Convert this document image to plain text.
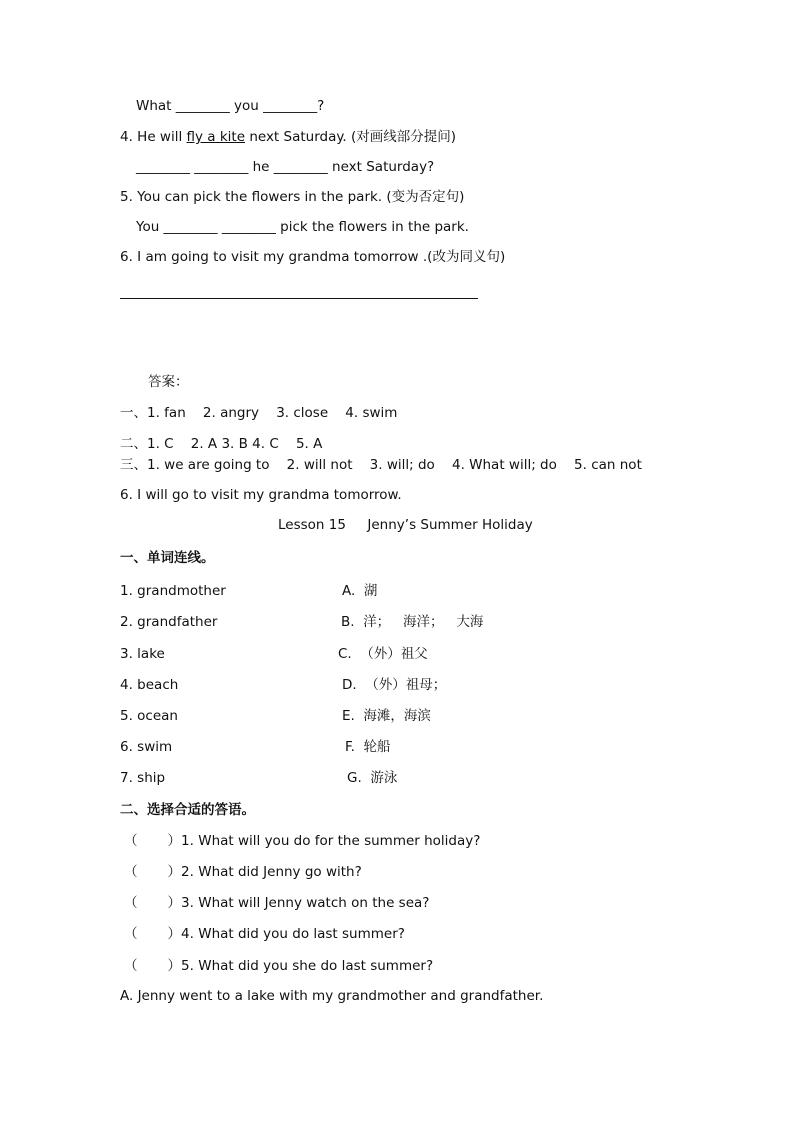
What ________ you ________?
4. He will fly a kite next Saturday. (对画线部分提问)
________ ________ he ________ next Saturday?
5. You can pick the flowers in the park. (变为否定句)
You ________ ________ pick the flowers in the park.
6. I am going to visit my grandma tomorrow .(改为同义句)
答案：
一、1. fan    2. angry    3. close    4. swim
二、1. C    2. A 3. B 4. C    5. A
三、1. we are going to    2. will not    3. will; do    4. What will; do    5. can not
6. I will go to visit my grandma tomorrow.
Lesson 15     Jenny’s Summer Holiday
一、单词连线。
1. grandmother
2. grandfather
3. lake
4. beach
5. ocean
6. swim
7. ship
A.  湖
B.  洋；   海洋；   大海
C.  （外）祖父
D.  （外）祖母；
E.  海滩，海滨
F.  轮船
G.  游泳
二、选择合适的答语。
（       ）1. What will you do for the summer holiday?
（       ）2. What did Jenny go with?
（       ）3. What will Jenny watch on the sea?
（       ）4. What did you do last summer?
（       ）5. What did you she do last summer?
A. Jenny went to a lake with my grandmother and grandfather.
